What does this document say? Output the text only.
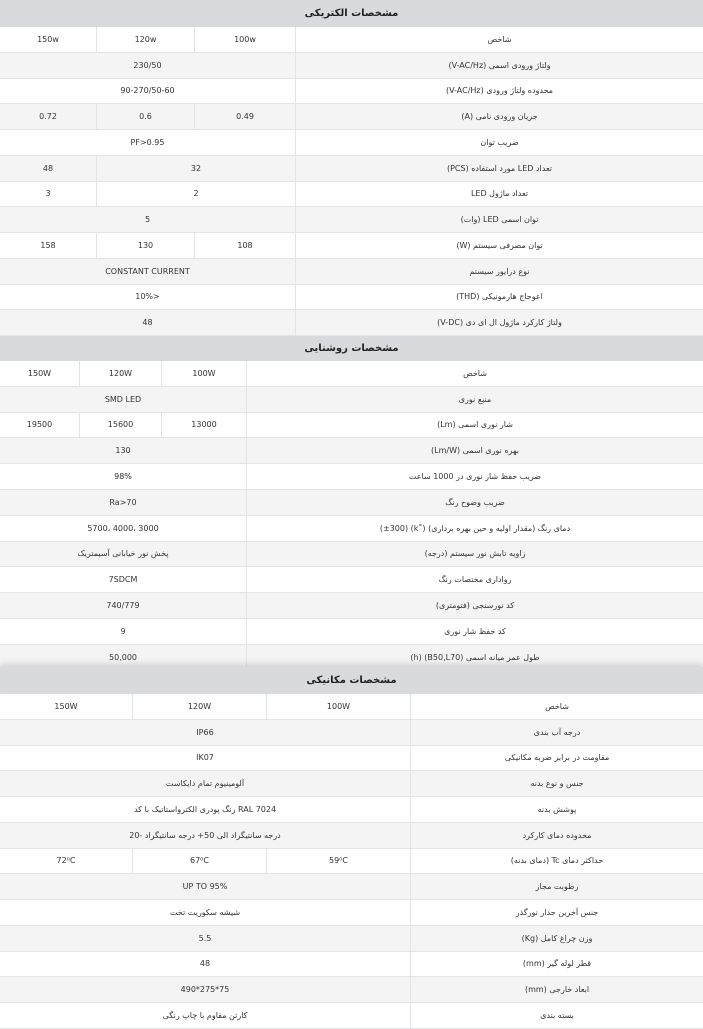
مشخصات الکتریکی
150w	120w	100w	شاخص
230/50	ولتاژ ورودی اسمی (V-AC/Hz)
90-270/50-60	محدوده ولتاژ ورودی (V-AC/Hz)
0.72	0.6	0.49	جریان ورودی نامی (A)
PF>0.95	ضریب توان
48	32	تعداد LED مورد استفاده (PCS)
3	2	تعداد ماژول LED
5	توان اسمی LED (وات)
158	130	108	توان مصرفی سیستم (W)
CONSTANT CURRENT	نوع درایور سیستم
10%>	اعوجاج هارمونیکی (THD)
48	ولتاژ کارکرد ماژول ال ای دی (V-DC)
مشخصات روشنایی
150W	120W	100W	شاخص
SMD LED	منبع نوری
19500	15600	13000	شار نوری اسمی (Lm)
130	بهره نوری اسمی (Lm/W)
98%	ضریب حفظ شار نوری در 1000 ساعت
Ra>70	ضریب وضوح رنگ
5700، 4000، 3000	دمای رنگ (مقدار اولیه و حین بهره برداری) (˚k) (±300)
پخش نور خیابانی آسیمتریک	زاویه تابش نور سیستم (درجه)
7SDCM	رواداری مختصات رنگ
740/779	کد نورسنجی (فتومتری)
9	کد حفظ شار نوری
50,000	طول عمر میانه اسمی (B50,L70) (h)
مشخصات مکانیکی
150W	120W	100W	شاخص
IP66	درجه آب بندی
IK07	مقاومت در برابر ضربه مکانیکی
آلومینیوم تمام دایکاست	جنس و نوع بدنه
رنگ پودری الکترواستاتیک با کد RAL 7024	پوشش بدنه
20- درجه سانتیگراد الی 50+ درجه سانتیگراد	محدوده دمای کارکرد
72⁰C	67⁰C	59⁰C	حداکثر دمای Tc (دمای بدنه)
UP TO 95%	رطوبت مجاز
شیشه سکوریت تخت	جنس آخرین جدار نورگذر
5.5	وزن چراغ کامل (Kg)
48	قطر لوله گیر (mm)
490*275*75	ابعاد خارجی (mm)
کارتن مقاوم با چاپ رنگی	بسته بندی
